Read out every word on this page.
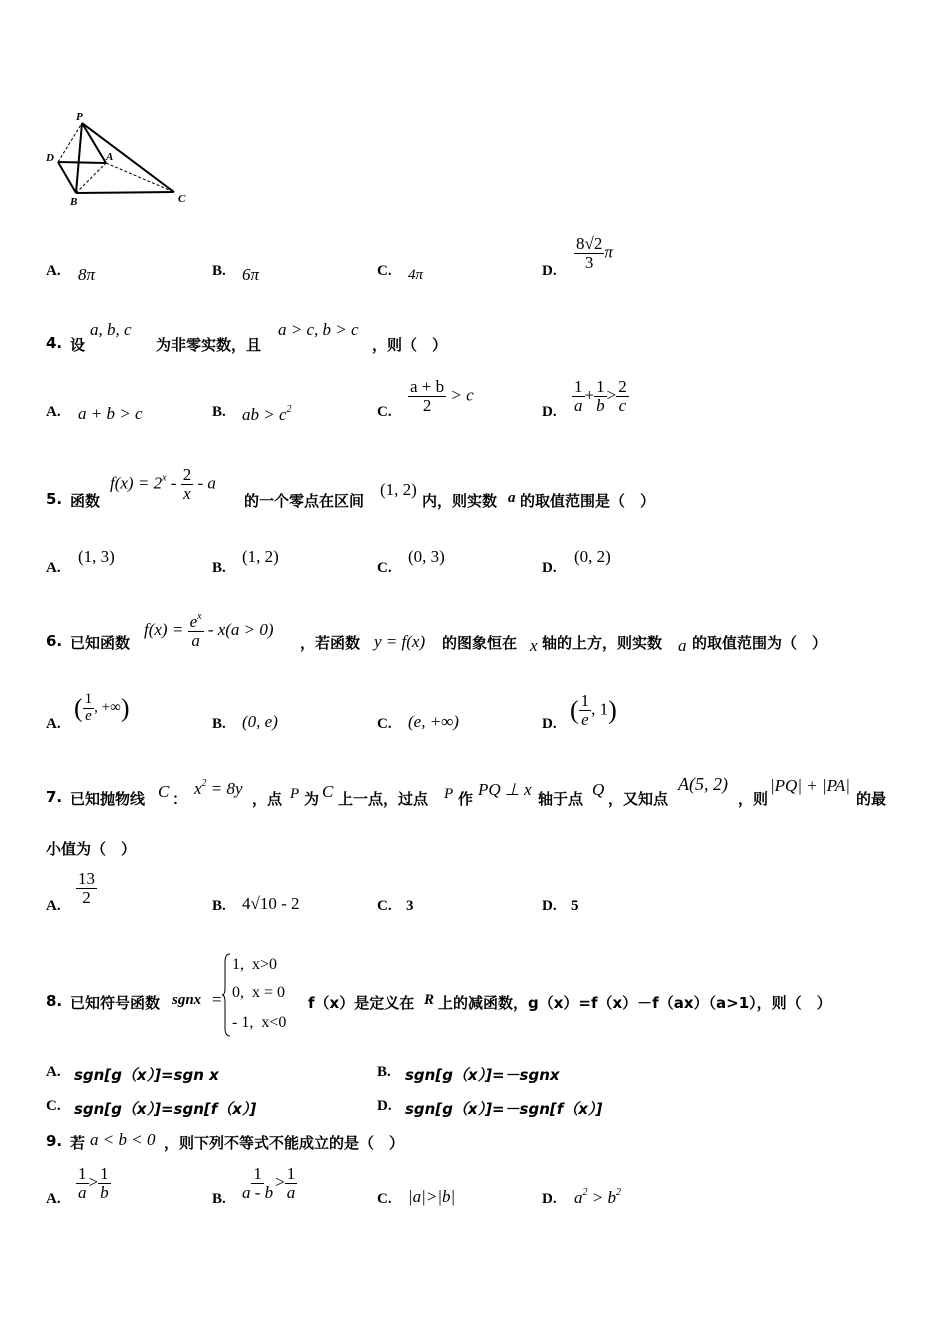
P
D	A
B	C
A. 8π	B. 6π	C. 4π	D. $\frac{8√2}{3}$ π
4. 设
a, b, c
为非零实数，且
a > c, b > c
，则（　）
A. a + b > c	B. ab > $c^2$	C. $\frac{a + b}{2} > c$
D. $\frac{1}{a} + \frac{1}{b} > \frac{2}{c}$
5. 函数
$f(x) = 2^x - \frac{2}{x} - a$
的一个零点在区间
(1, 2)
内，则实数 a 的取值范围是（　）
A.
(1, 3)
B.
(1, 2)
C.
(0, 3)
D.
(0, 2)
6. 已知函数
$f(x) = \frac{e^x}{a} - x(a > 0)$
，若函数 y = f(x) 的图象恒在 x 轴的上方，则实数 a 的取值范围为（　）
A.
( $\frac{1}{e}$ , +∞)
B. (0, e)	C. (e, +∞)	D. ( $\frac{1}{e}$ , 1)
7. 已知抛物线 C ：
$x^2 = 8y$
，点 P 为 C 上一点，过点 P 作 PQ ⊥ x 轴于点 Q ，又知点
A(5, 2)
，则
|PQ| + |PA|
的最
小值为（　）
A. $\frac{13}{2}$	B. 4√10 - 2	C. 3	D. 5
8. 已知符号函数 sgnx =
1,  x>0
0,  x = 0
- 1,  x<0
f（x）是定义在 R 上的减函数，g（x）=f（x）－f（ax）（a>1），则（　）
A. sgn[g（x）]=sgn x	B. sgn[g（x）]=－sgnx
C. sgn[g（x）]=sgn[f（x）]	D. sgn[g（x）]=－sgn[f（x）]
9. 若 a < b < 0 ，则下列不等式不能成立的是（　）
A. $\frac{1}{a} > \frac{1}{b}$	B. $\frac{1}{a - b} > \frac{1}{a}$	C. |a|>|b|	D. $a^2 > b^2$
